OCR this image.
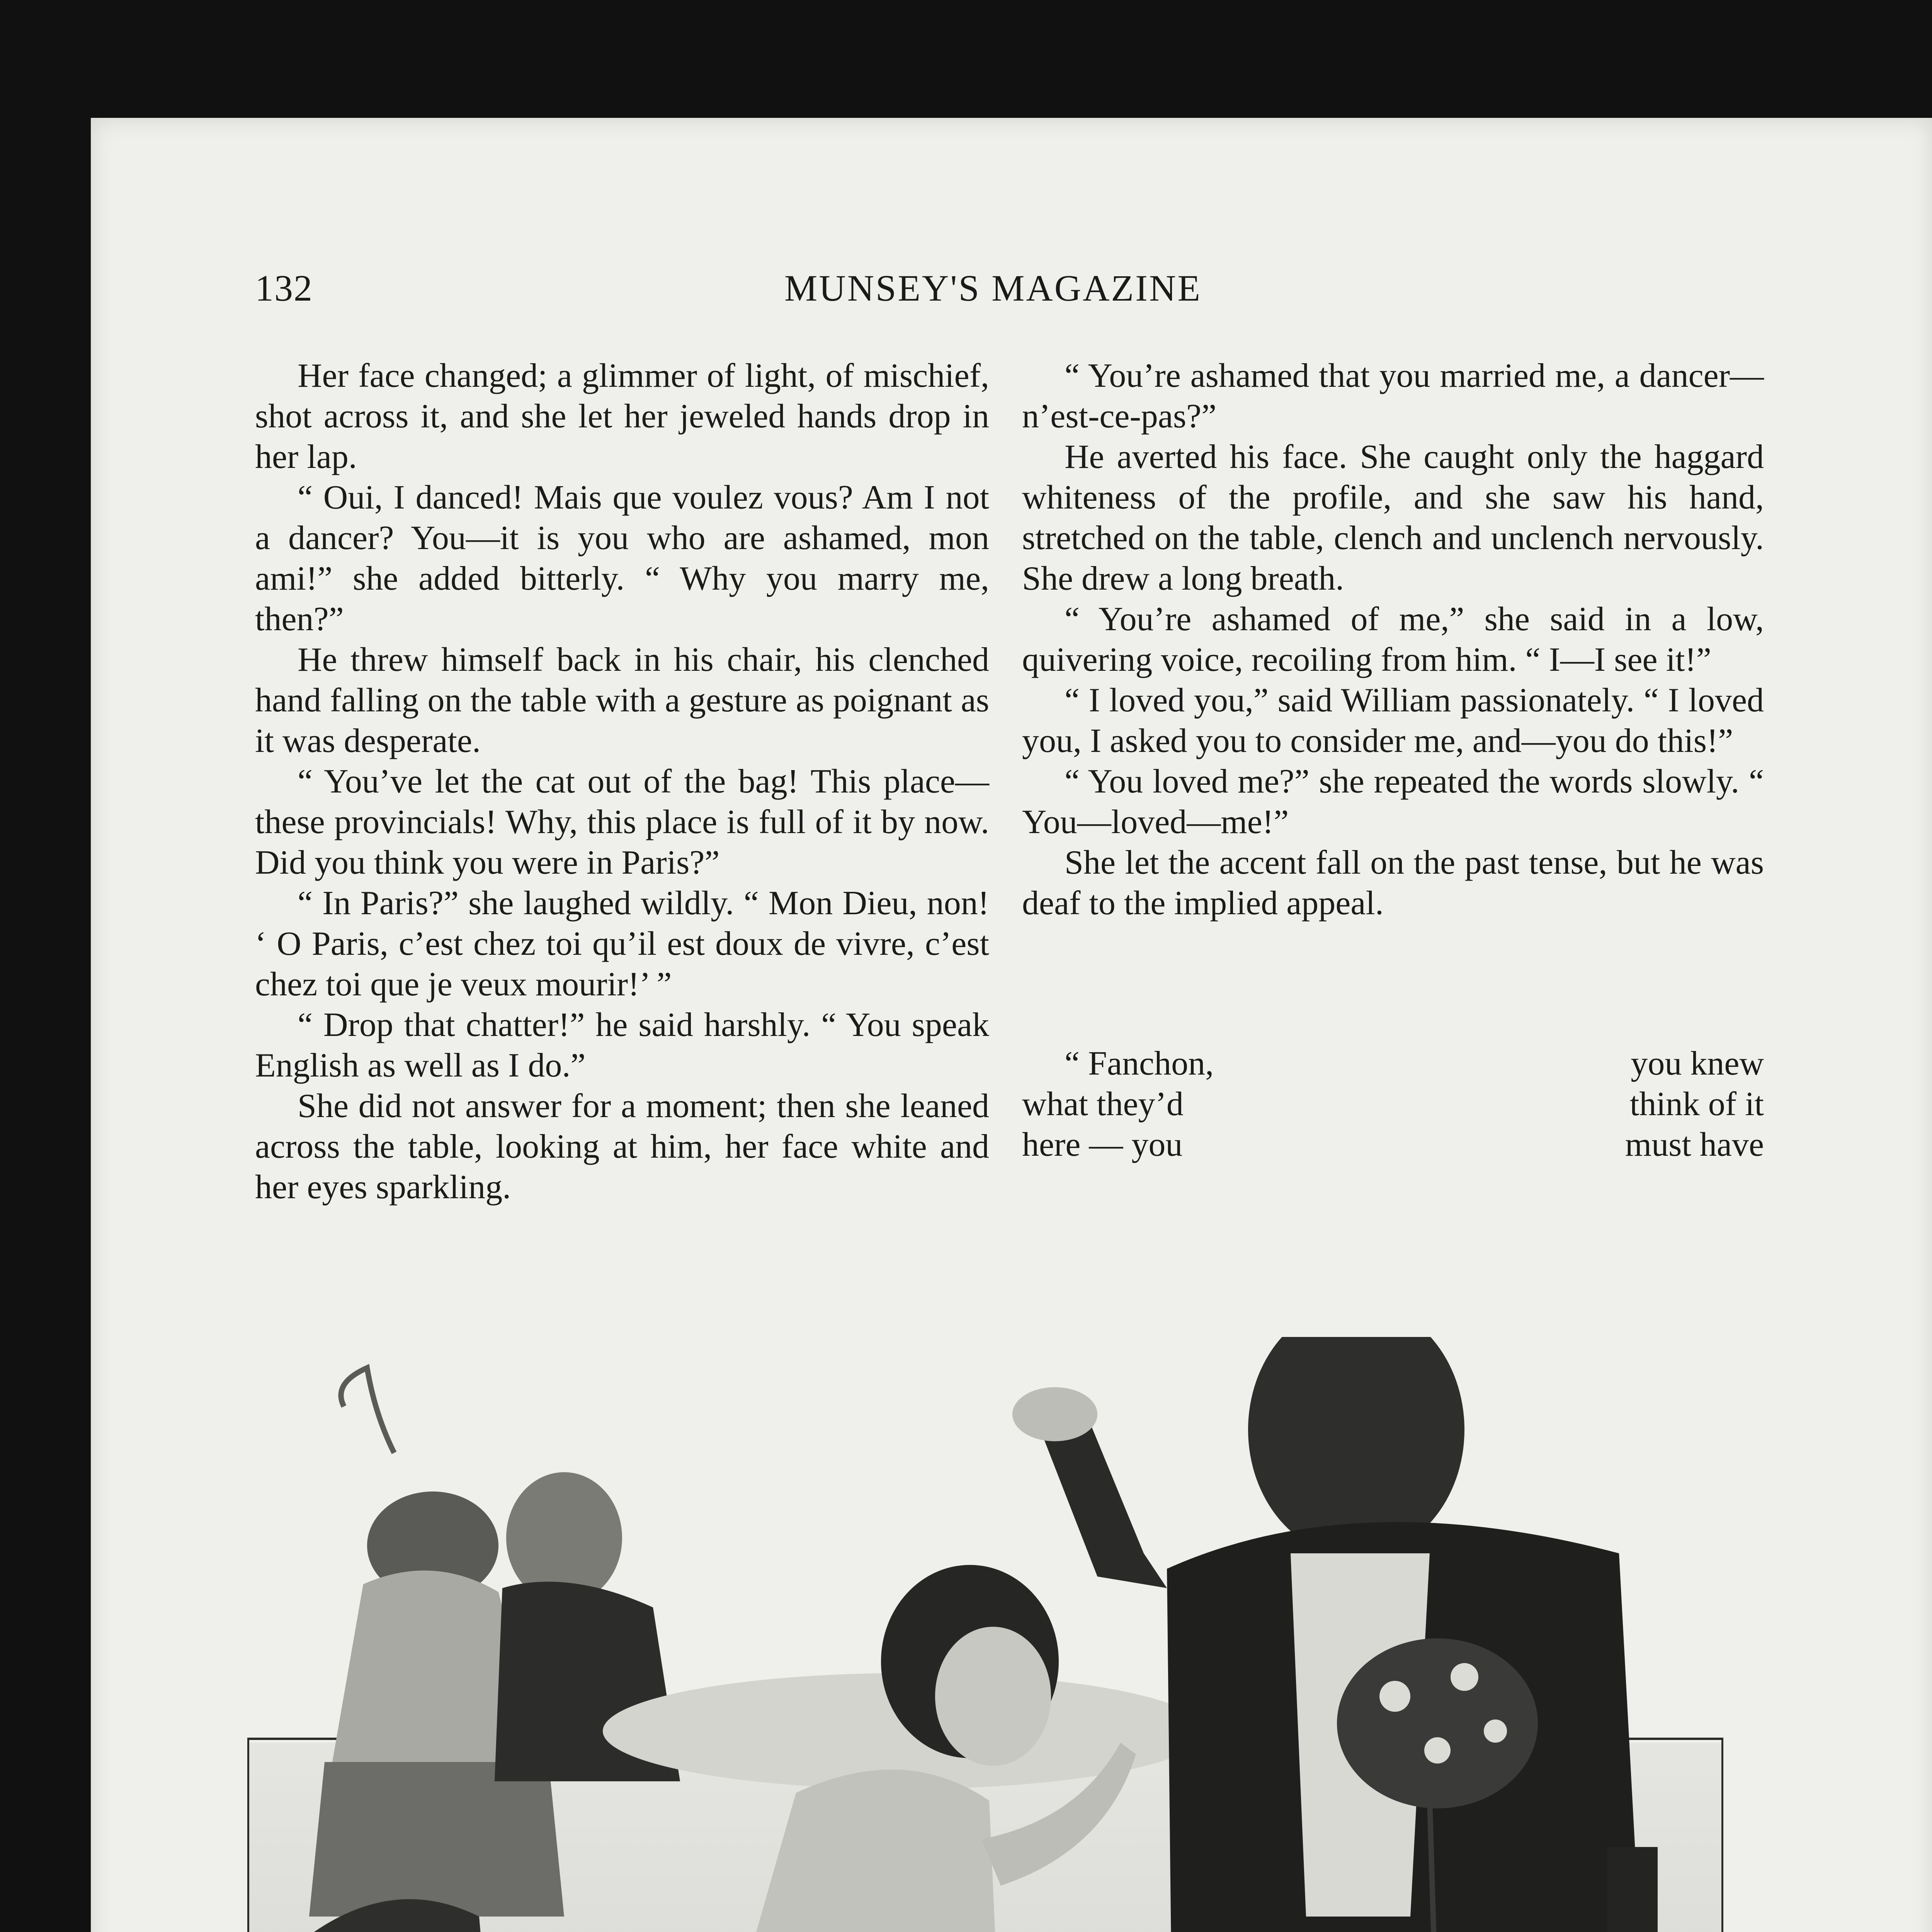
132	MUNSEY'S MAGAZINE

Her face changed; a glimmer of light, of mischief, shot across it, and she let her jeweled hands drop in her lap.

“ Oui, I danced! Mais que voulez vous? Am I not a dancer? You—it is you who are ashamed, mon ami!” she added bitterly. “ Why you marry me, then?”

He threw himself back in his chair, his clenched hand falling on the table with a gesture as poignant as it was desperate.

“ You’ve let the cat out of the bag! This place—these provincials! Why, this place is full of it by now. Did you think you were in Paris?”

“ In Paris?” she laughed wildly. “ Mon Dieu, non! ‘ O Paris, c’est chez toi qu’il est doux de vivre, c’est chez toi que je veux mourir!’ ”

“ Drop that chatter!” he said harshly. “ You speak English as well as I do.”

She did not answer for a moment; then she leaned across the table, looking at him, her face white and her eyes sparkling.

“ You’re ashamed that you married me, a dancer—n’est-ce-pas?”

He averted his face. She caught only the haggard whiteness of the profile, and she saw his hand, stretched on the table, clench and unclench nervously. She drew a long breath.

“ You’re ashamed of me,” she said in a low, quivering voice, recoiling from him. “ I—I see it!”

“ I loved you,” said William passionately. “ I loved you, I asked you to consider me, and—you do this!”

“ You loved me?” she repeated the words slowly. “ You—loved—me!”

She let the accent fall on the past tense, but he was deaf to the implied appeal.

“ Fanchon,	you knew
what they’d	think of it
here — you	must have
